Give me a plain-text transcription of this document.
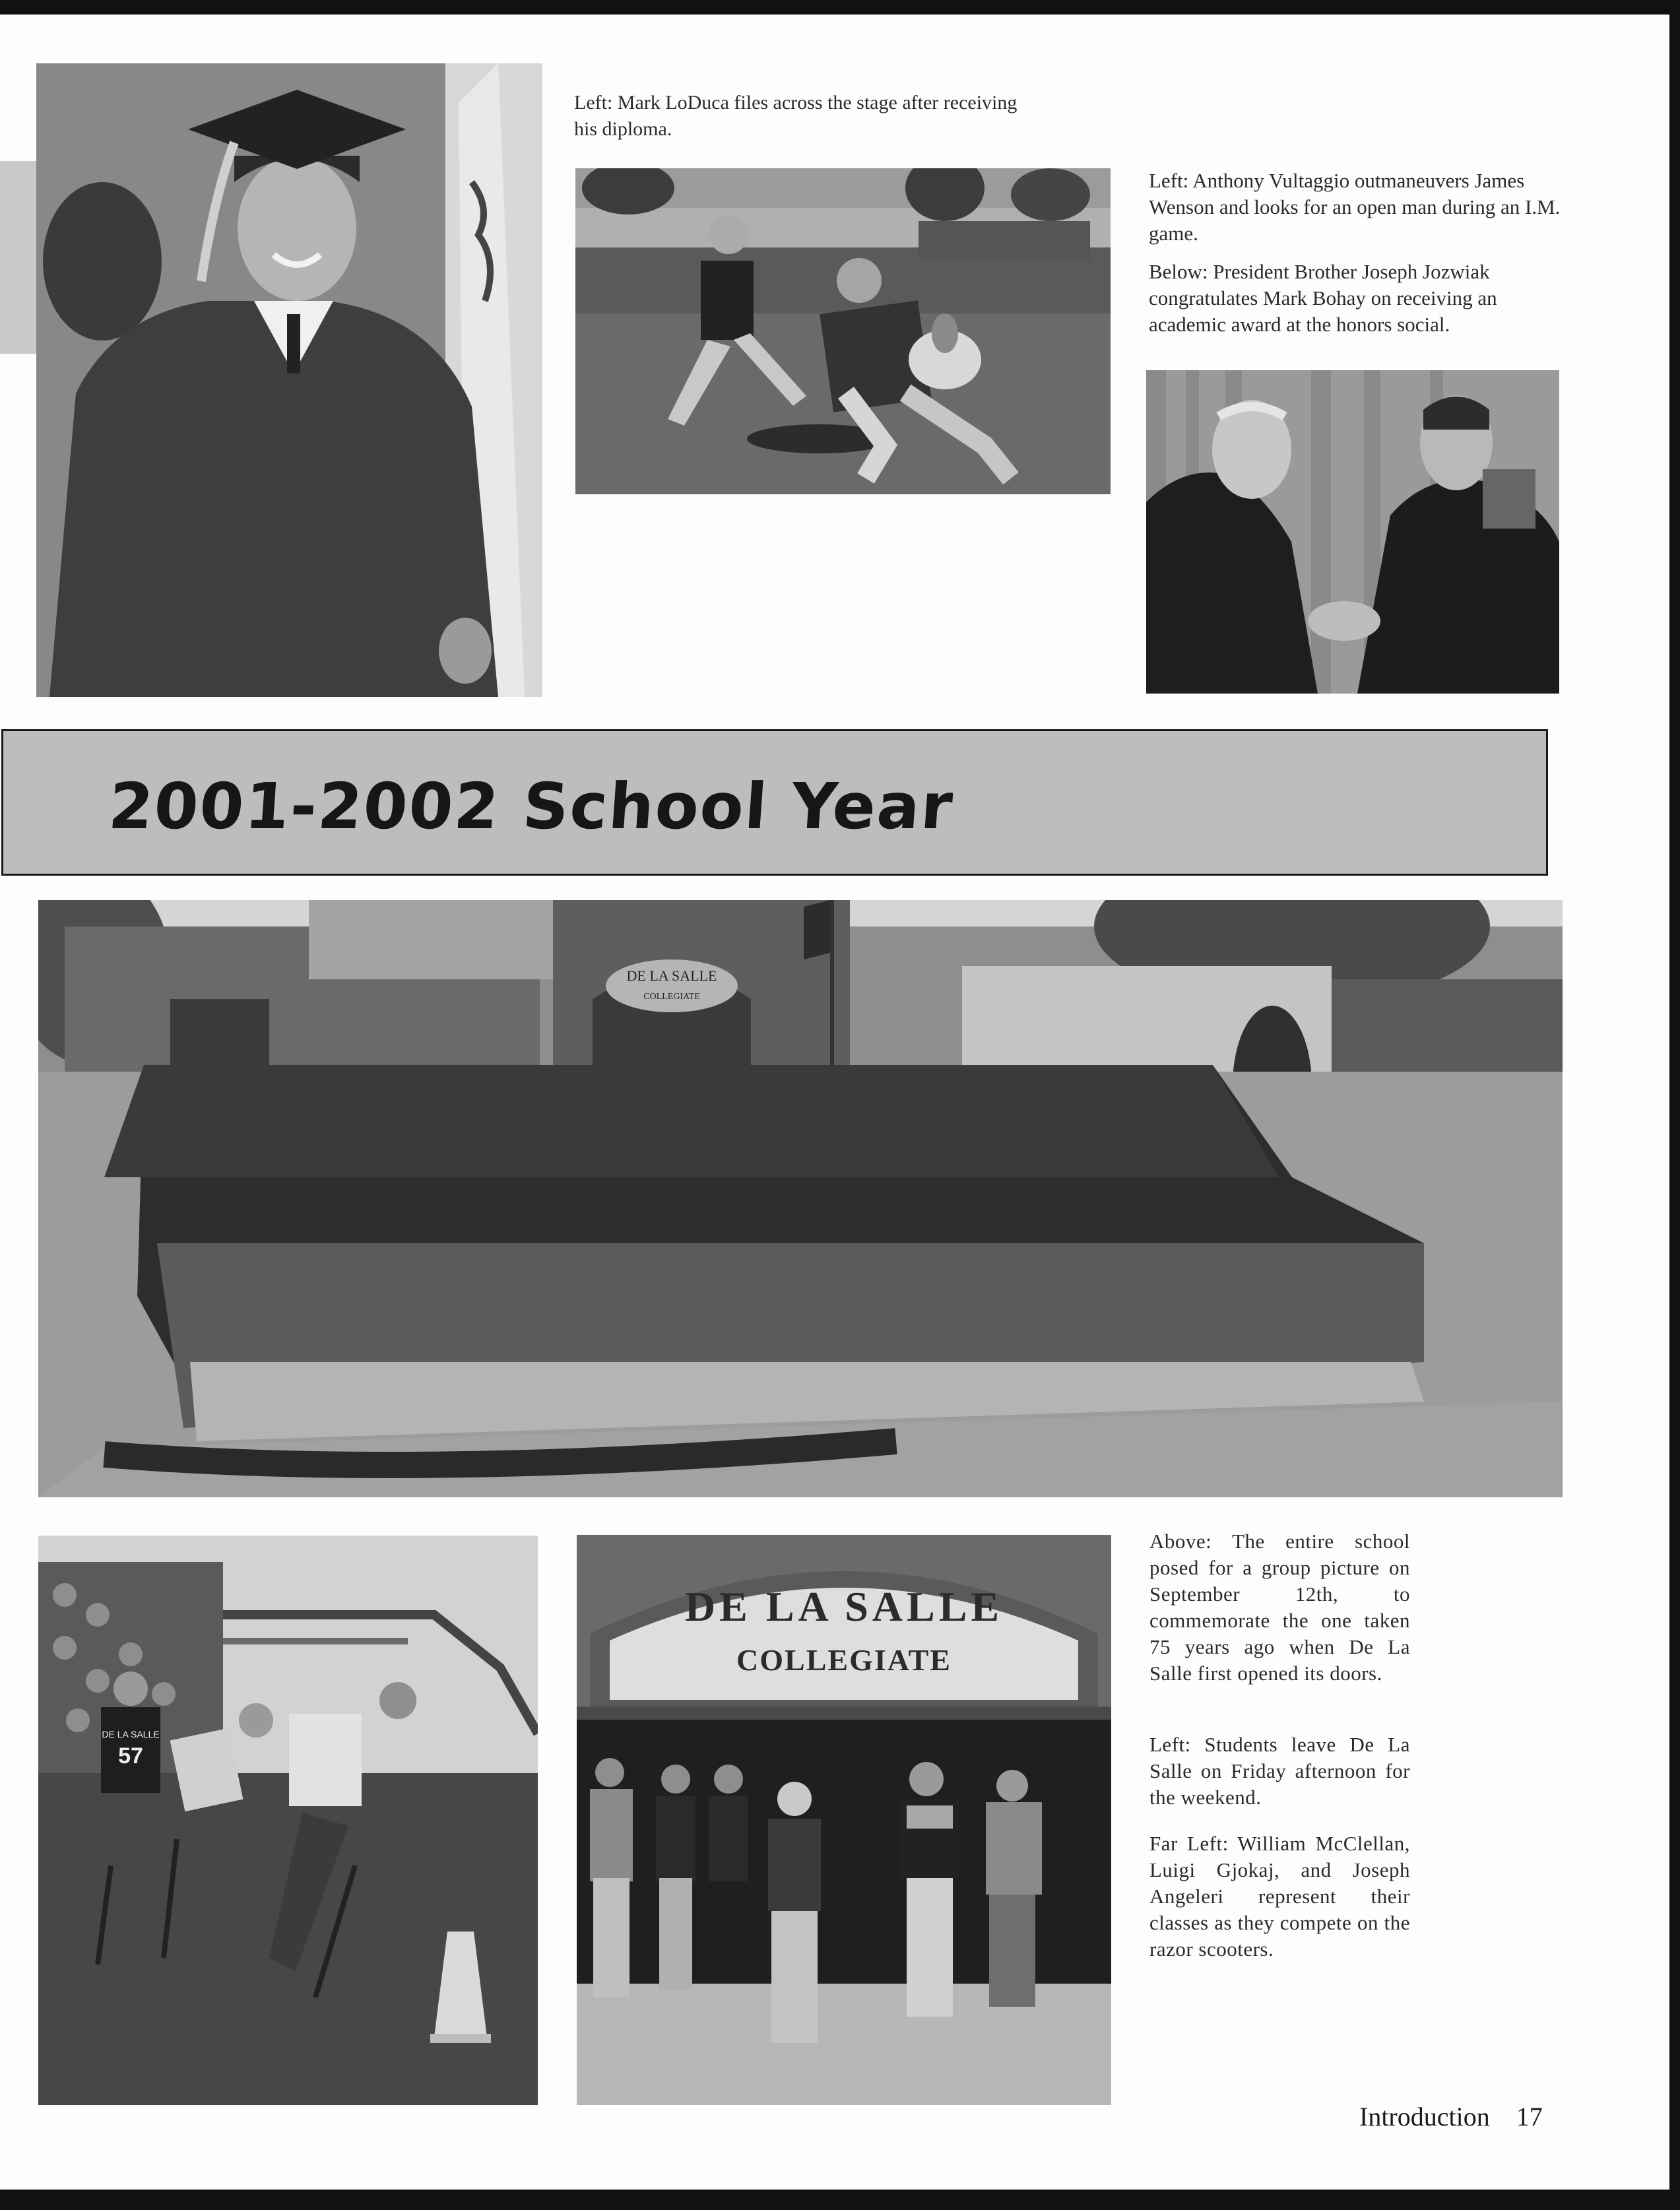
Left: Mark LoDuca files across the stage after receiving his diploma.

Left: Anthony Vultaggio outmaneuvers James Wenson and looks for an open man during an I.M. game.

Below: President Brother Joseph Jozwiak congratulates Mark Bohay on receiving an academic award at the honors social.

2001-2002 School Year
DE LA SALLE
COLLEGIATE
DE LA SALLE
57
DE LA SALLE
COLLEGIATE

Above: The entire school posed for a group picture on September 12th, to commemorate the one taken 75 years ago when De La Salle first opened its doors.

Left: Students leave De La Salle on Friday afternoon for the weekend.

Far Left: William McClellan, Luigi Gjokaj, and Joseph Angeleri represent their classes as they compete on the razor scooters.

Introduction 17
